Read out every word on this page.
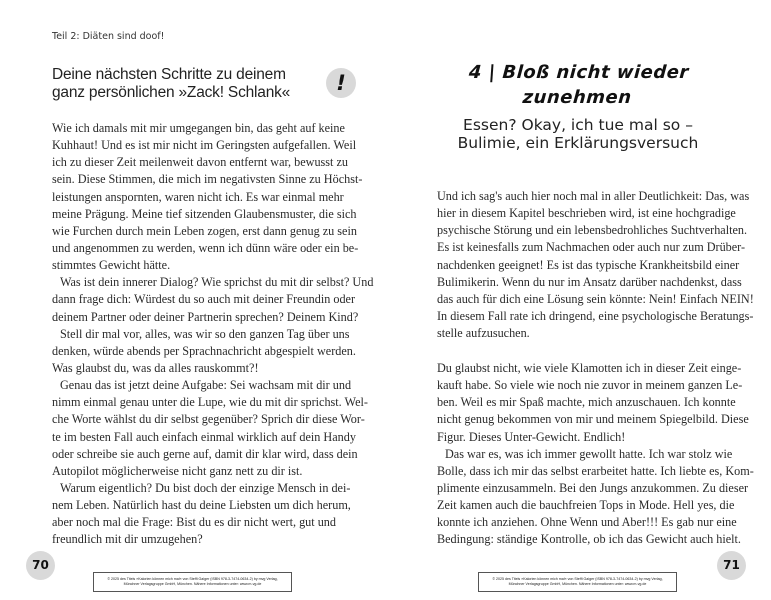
Teil 2: Diäten sind doof!
Deine nächsten Schritte zu deinem
ganz persönlichen »Zack! Schlank«	!
Wie ich damals mit mir umgegangen bin, das geht auf keine
Kuhhaut! Und es ist mir nicht im Geringsten aufgefallen. Weil
ich zu dieser Zeit meilenweit davon entfernt war, bewusst zu
sein. Diese Stimmen, die mich im negativsten Sinne zu Höchst-
leistungen anspornten, waren nicht ich. Es war einmal mehr
meine Prägung. Meine tief sitzenden Glaubensmuster, die sich
wie Furchen durch mein Leben zogen, erst dann genug zu sein
und angenommen zu werden, wenn ich dünn wäre oder ein be-
stimmtes Gewicht hätte.
Was ist dein innerer Dialog? Wie sprichst du mit dir selbst? Und
dann frage dich: Würdest du so auch mit deiner Freundin oder
deinem Partner oder deiner Partnerin sprechen? Deinem Kind?
Stell dir mal vor, alles, was wir so den ganzen Tag über uns
denken, würde abends per Sprachnachricht abgespielt werden.
Was glaubst du, was da alles rauskommt?!
Genau das ist jetzt deine Aufgabe: Sei wachsam mit dir und
nimm einmal genau unter die Lupe, wie du mit dir sprichst. Wel-
che Worte wählst du dir selbst gegenüber? Sprich dir diese Wor-
te im besten Fall auch einfach einmal wirklich auf dein Handy
oder schreibe sie auch gerne auf, damit dir klar wird, dass dein
Autopilot möglicherweise nicht ganz nett zu dir ist.
Warum eigentlich? Du bist doch der einzige Mensch in dei-
nem Leben. Natürlich hast du deine Liebsten um dich herum,
aber noch mal die Frage: Bist du es dir nicht wert, gut und
freundlich mit dir umzugehen?
70
© 2025 des Titels »Kalorien können mich mal« von Steffi Gaiger (ISBN 978-3-7474-0634-2) by mvg Verlag,
Münchner Verlagsgruppe GmbH, München. Nähere Informationen unter: www.m-vg.de
4 | Bloß nicht wieder
zunehmen
Essen? Okay, ich tue mal so –
Bulimie, ein Erklärungsversuch
Und ich sag's auch hier noch mal in aller Deutlichkeit: Das, was
hier in diesem Kapitel beschrieben wird, ist eine hochgradige
psychische Störung und ein lebensbedrohliches Suchtverhalten.
Es ist keinesfalls zum Nachmachen oder auch nur zum Drüber-
nachdenken geeignet! Es ist das typische Krankheitsbild einer
Bulimikerin. Wenn du nur im Ansatz darüber nachdenkst, dass
das auch für dich eine Lösung sein könnte: Nein! Einfach NEIN!
In diesem Fall rate ich dringend, eine psychologische Beratungs-
stelle aufzusuchen.
Du glaubst nicht, wie viele Klamotten ich in dieser Zeit einge-
kauft habe. So viele wie noch nie zuvor in meinem ganzen Le-
ben. Weil es mir Spaß machte, mich anzuschauen. Ich konnte
nicht genug bekommen von mir und meinem Spiegelbild. Diese
Figur. Dieses Unter-Gewicht. Endlich!
Das war es, was ich immer gewollt hatte. Ich war stolz wie
Bolle, dass ich mir das selbst erarbeitet hatte. Ich liebte es, Kom-
plimente einzusammeln. Bei den Jungs anzukommen. Zu dieser
Zeit kamen auch die bauchfreien Tops in Mode. Hell yes, die
konnte ich anziehen. Ohne Wenn und Aber!!! Es gab nur eine
Bedingung: ständige Kontrolle, ob ich das Gewicht auch hielt.
71
© 2025 des Titels »Kalorien können mich mal« von Steffi Gaiger (ISBN 978-3-7474-0634-2) by mvg Verlag,
Münchner Verlagsgruppe GmbH, München. Nähere Informationen unter: www.m-vg.de
